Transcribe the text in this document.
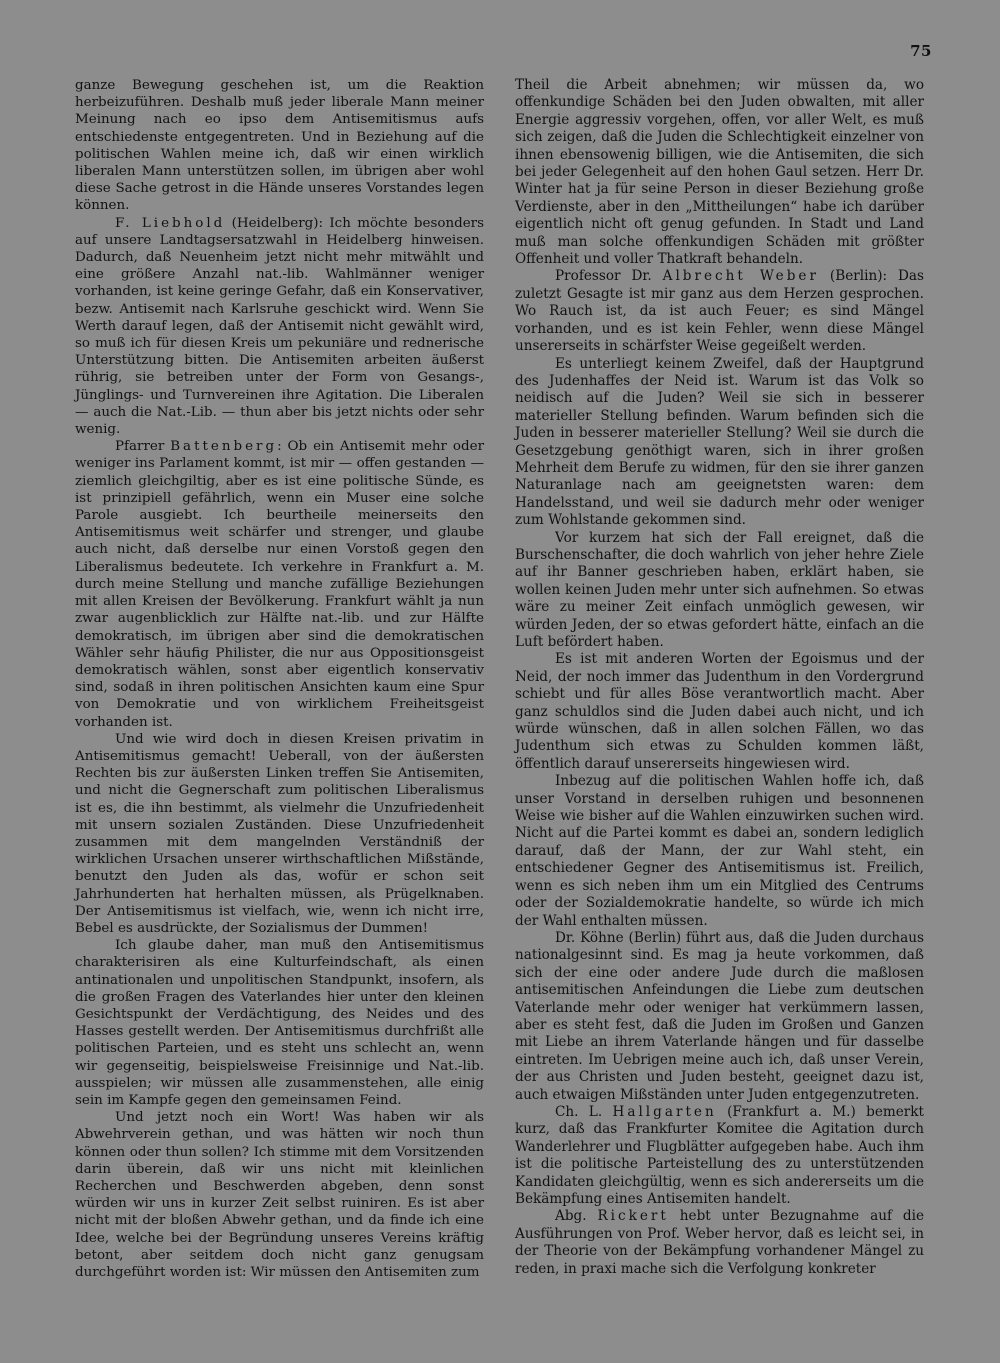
75

ganze Bewegung geschehen ist, um die Reaktion herbeizuführen. Deshalb muß jeder liberale Mann meiner Meinung nach eo ipso dem Antisemitismus aufs entschiedenste entgegentreten. Und in Beziehung auf die politischen Wahlen meine ich, daß wir einen wirklich liberalen Mann unterstützen sollen, im übrigen aber wohl diese Sache getrost in die Hände unseres Vorstandes legen können.

F. Liebhold (Heidelberg): Ich möchte besonders auf unsere Landtagsersatzwahl in Heidelberg hinweisen. Dadurch, daß Neuenheim jetzt nicht mehr mitwählt und eine größere Anzahl nat.-lib. Wahlmänner weniger vorhanden, ist keine geringe Gefahr, daß ein Konservativer, bezw. Antisemit nach Karlsruhe geschickt wird. Wenn Sie Werth darauf legen, daß der Antisemit nicht gewählt wird, so muß ich für diesen Kreis um pekuniäre und rednerische Unterstützung bitten. Die Antisemiten arbeiten äußerst rührig, sie betreiben unter der Form von Gesangs-, Jünglings- und Turnvereinen ihre Agitation. Die Liberalen — auch die Nat.-Lib. — thun aber bis jetzt nichts oder sehr wenig.

Pfarrer Battenberg: Ob ein Antisemit mehr oder weniger ins Parlament kommt, ist mir — offen gestanden — ziemlich gleichgiltig, aber es ist eine politische Sünde, es ist prinzipiell gefährlich, wenn ein Muser eine solche Parole ausgiebt. Ich beurtheile meinerseits den Antisemitismus weit schärfer und strenger, und glaube auch nicht, daß derselbe nur einen Vorstoß gegen den Liberalismus bedeutete. Ich verkehre in Frankfurt a. M. durch meine Stellung und manche zufällige Beziehungen mit allen Kreisen der Bevölkerung. Frankfurt wählt ja nun zwar augenblicklich zur Hälfte nat.-lib. und zur Hälfte demokratisch, im übrigen aber sind die demokratischen Wähler sehr häufig Philister, die nur aus Oppositionsgeist demokratisch wählen, sonst aber eigentlich konservativ sind, sodaß in ihren politischen Ansichten kaum eine Spur von Demokratie und von wirklichem Freiheitsgeist vorhanden ist.

Und wie wird doch in diesen Kreisen privatim in Antisemitismus gemacht! Ueberall, von der äußersten Rechten bis zur äußersten Linken treffen Sie Antisemiten, und nicht die Gegnerschaft zum politischen Liberalismus ist es, die ihn bestimmt, als vielmehr die Unzufriedenheit mit unsern sozialen Zuständen. Diese Unzufriedenheit zusammen mit dem mangelnden Verständniß der wirklichen Ursachen unserer wirthschaftlichen Mißstände, benutzt den Juden als das, wofür er schon seit Jahrhunderten hat herhalten müssen, als Prügelknaben. Der Antisemitismus ist vielfach, wie, wenn ich nicht irre, Bebel es ausdrückte, der Sozialismus der Dummen!

Ich glaube daher, man muß den Antisemitismus charakterisiren als eine Kulturfeindschaft, als einen antinationalen und unpolitischen Standpunkt, insofern, als die großen Fragen des Vaterlandes hier unter den kleinen Gesichtspunkt der Verdächtigung, des Neides und des Hasses gestellt werden. Der Antisemitismus durchfrißt alle politischen Parteien, und es steht uns schlecht an, wenn wir gegenseitig, beispielsweise Freisinnige und Nat.-lib. ausspielen; wir müssen alle zusammenstehen, alle einig sein im Kampfe gegen den gemeinsamen Feind.

Und jetzt noch ein Wort! Was haben wir als Abwehrverein gethan, und was hätten wir noch thun können oder thun sollen? Ich stimme mit dem Vorsitzenden darin überein, daß wir uns nicht mit kleinlichen Recherchen und Beschwerden abgeben, denn sonst würden wir uns in kurzer Zeit selbst ruiniren. Es ist aber nicht mit der bloßen Abwehr gethan, und da finde ich eine Idee, welche bei der Begründung unseres Vereins kräftig betont, aber seitdem doch nicht ganz genugsam durchgeführt worden ist: Wir müssen den Antisemiten zum

Theil die Arbeit abnehmen; wir müssen da, wo offenkundige Schäden bei den Juden obwalten, mit aller Energie aggressiv vorgehen, offen, vor aller Welt, es muß sich zeigen, daß die Juden die Schlechtigkeit einzelner von ihnen ebensowenig billigen, wie die Antisemiten, die sich bei jeder Gelegenheit auf den hohen Gaul setzen. Herr Dr. Winter hat ja für seine Person in dieser Beziehung große Verdienste, aber in den „Mittheilungen“ habe ich darüber eigentlich nicht oft genug gefunden. In Stadt und Land muß man solche offenkundigen Schäden mit größter Offenheit und voller Thatkraft behandeln.

Professor Dr. Albrecht Weber (Berlin): Das zuletzt Gesagte ist mir ganz aus dem Herzen gesprochen. Wo Rauch ist, da ist auch Feuer; es sind Mängel vorhanden, und es ist kein Fehler, wenn diese Mängel unsererseits in schärfster Weise gegeißelt werden.

Es unterliegt keinem Zweifel, daß der Hauptgrund des Judenhaffes der Neid ist. Warum ist das Volk so neidisch auf die Juden? Weil sie sich in besserer materieller Stellung befinden. Warum befinden sich die Juden in besserer materieller Stellung? Weil sie durch die Gesetzgebung genöthigt waren, sich in ihrer großen Mehrheit dem Berufe zu widmen, für den sie ihrer ganzen Naturanlage nach am geeignetsten waren: dem Handelsstand, und weil sie dadurch mehr oder weniger zum Wohlstande gekommen sind.

Vor kurzem hat sich der Fall ereignet, daß die Burschenschafter, die doch wahrlich von jeher hehre Ziele auf ihr Banner geschrieben haben, erklärt haben, sie wollen keinen Juden mehr unter sich aufnehmen. So etwas wäre zu meiner Zeit einfach unmöglich gewesen, wir würden Jeden, der so etwas gefordert hätte, einfach an die Luft befördert haben.

Es ist mit anderen Worten der Egoismus und der Neid, der noch immer das Judenthum in den Vordergrund schiebt und für alles Böse verantwortlich macht. Aber ganz schuldlos sind die Juden dabei auch nicht, und ich würde wünschen, daß in allen solchen Fällen, wo das Judenthum sich etwas zu Schulden kommen läßt, öffentlich darauf unsererseits hingewiesen wird.

Inbezug auf die politischen Wahlen hoffe ich, daß unser Vorstand in derselben ruhigen und besonnenen Weise wie bisher auf die Wahlen einzuwirken suchen wird. Nicht auf die Partei kommt es dabei an, sondern lediglich darauf, daß der Mann, der zur Wahl steht, ein entschiedener Gegner des Antisemitismus ist. Freilich, wenn es sich neben ihm um ein Mitglied des Centrums oder der Sozialdemokratie handelte, so würde ich mich der Wahl enthalten müssen.

Dr. Köhne (Berlin) führt aus, daß die Juden durchaus nationalgesinnt sind. Es mag ja heute vorkommen, daß sich der eine oder andere Jude durch die maßlosen antisemitischen Anfeindungen die Liebe zum deutschen Vaterlande mehr oder weniger hat verkümmern lassen, aber es steht fest, daß die Juden im Großen und Ganzen mit Liebe an ihrem Vaterlande hängen und für dasselbe eintreten. Im Uebrigen meine auch ich, daß unser Verein, der aus Christen und Juden besteht, geeignet dazu ist, auch etwaigen Mißständen unter Juden entgegenzutreten.

Ch. L. Hallgarten (Frankfurt a. M.) bemerkt kurz, daß das Frankfurter Komitee die Agitation durch Wanderlehrer und Flugblätter aufgegeben habe. Auch ihm ist die politische Parteistellung des zu unterstützenden Kandidaten gleichgültig, wenn es sich andererseits um die Bekämpfung eines Antisemiten handelt.

Abg. Rickert hebt unter Bezugnahme auf die Ausführungen von Prof. Weber hervor, daß es leicht sei, in der Theorie von der Bekämpfung vorhandener Mängel zu reden, in praxi mache sich die Verfolgung konkreter
